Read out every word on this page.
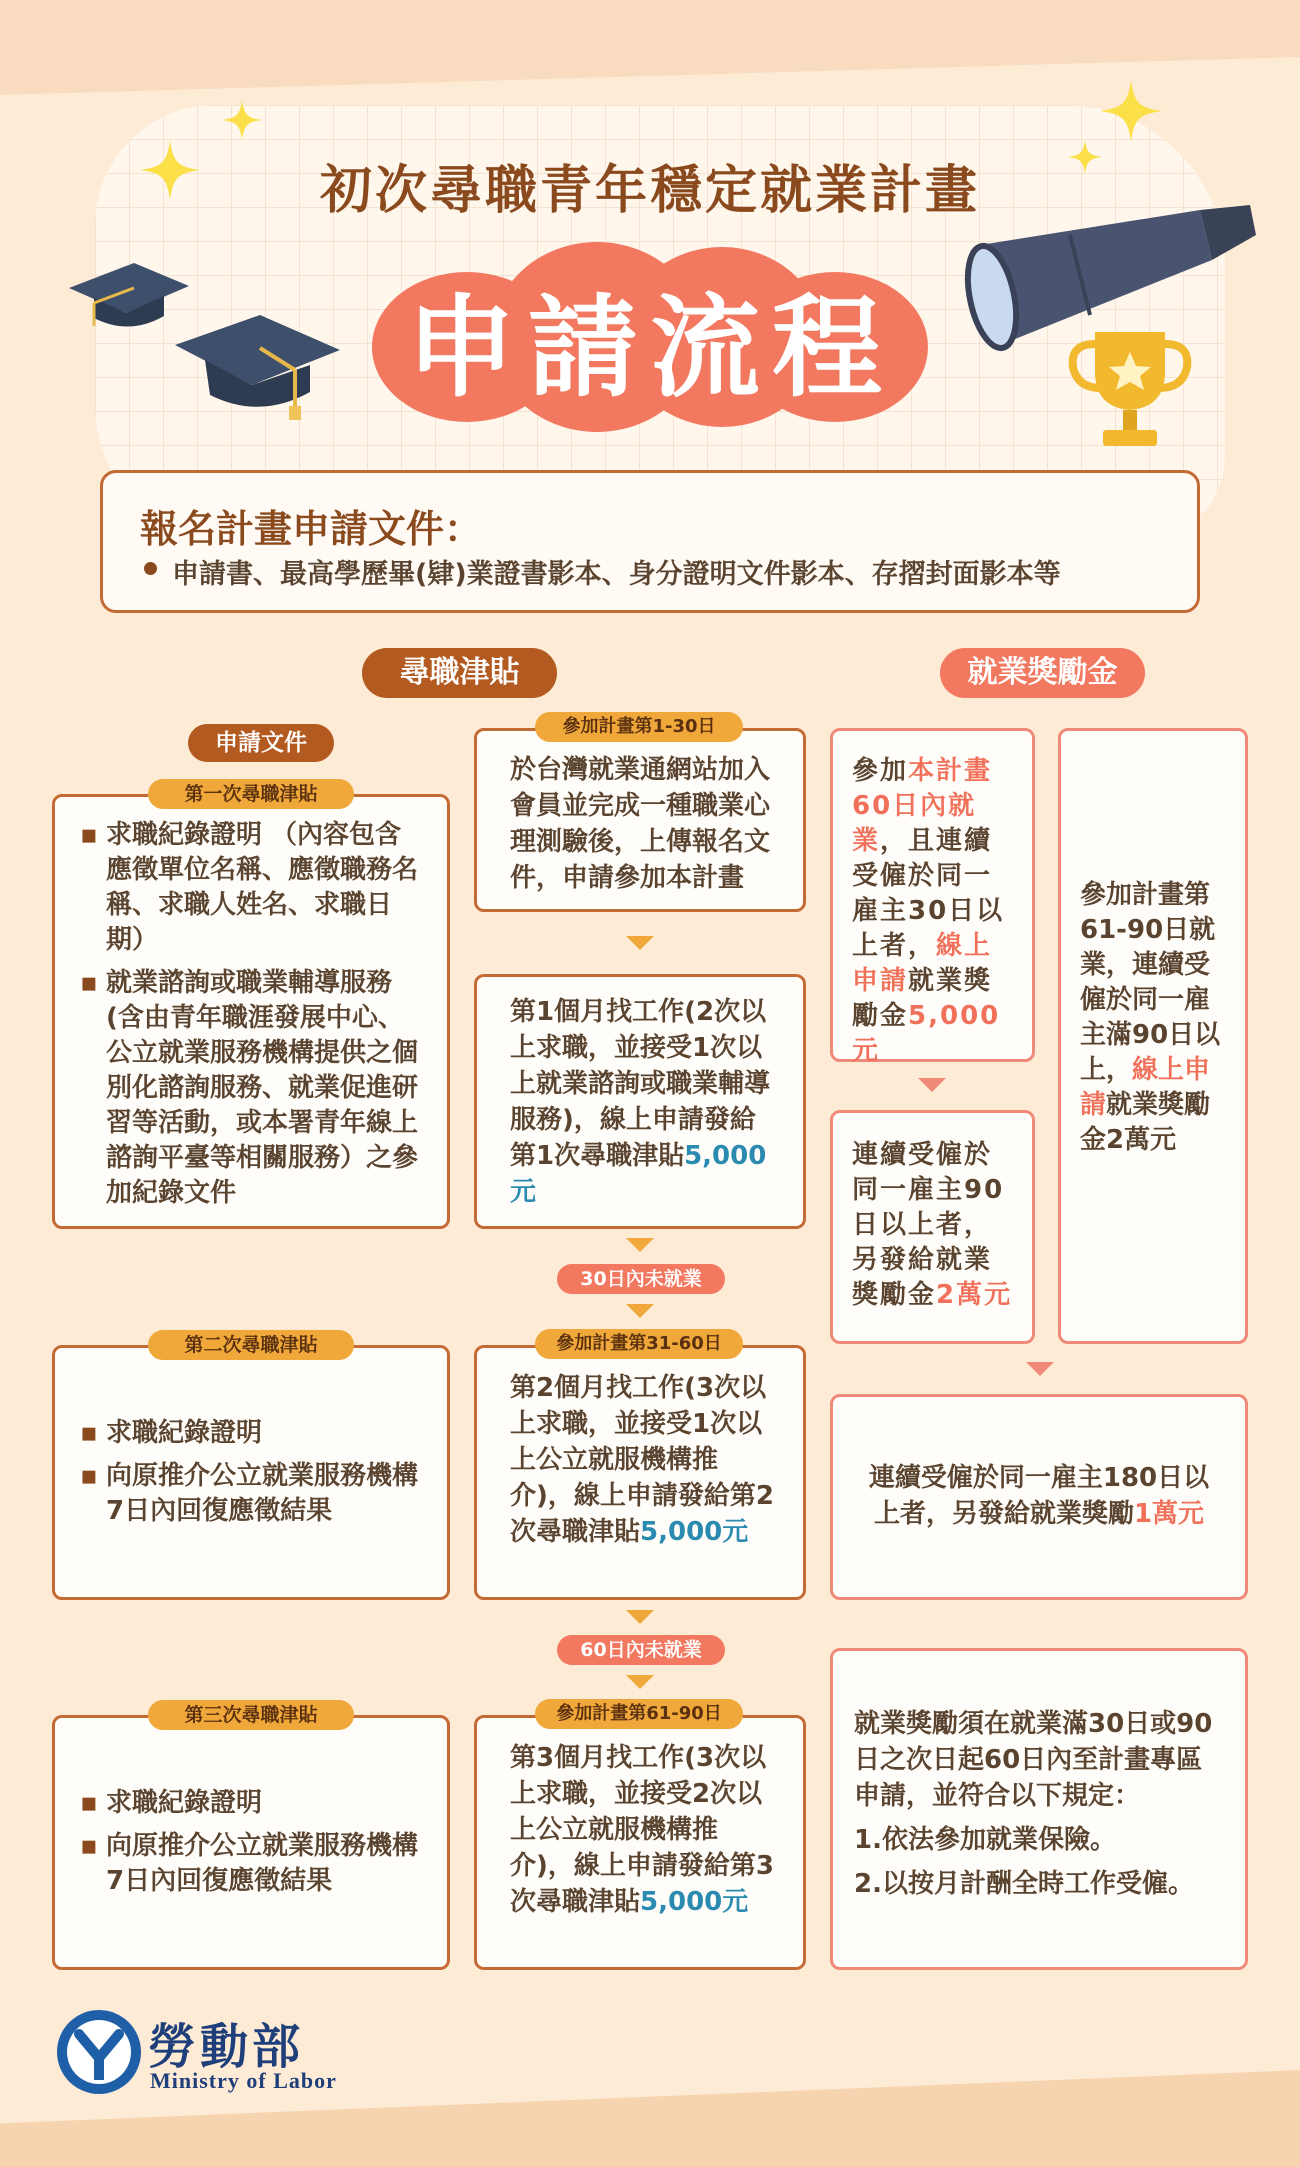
初次尋職青年穩定就業計畫
申請流程
報名計畫申請文件：
申請書、最高學歷畢(肄)業證書影本、身分證明文件影本、存摺封面影本等
尋職津貼	就業獎勵金
申請文件
第一次尋職津貼
▪ 求職紀錄證明 （內容包含應徵單位名稱、應徵職務名稱、求職人姓名、求職日期）
▪ 就業諮詢或職業輔導服務(含由青年職涯發展中心、公立就業服務機構提供之個別化諮詢服務、就業促進研習等活動，或本署青年線上諮詢平臺等相關服務）之參加紀錄文件
第二次尋職津貼
▪ 求職紀錄證明
▪ 向原推介公立就業服務機構7日內回復應徵結果
第三次尋職津貼
▪ 求職紀錄證明
▪ 向原推介公立就業服務機構7日內回復應徵結果
參加計畫第1-30日
於台灣就業通網站加入會員並完成一種職業心理測驗後，上傳報名文件，申請參加本計畫
第1個月找工作(2次以上求職，並接受1次以上就業諮詢或職業輔導服務)，線上申請發給第1次尋職津貼5,000元
30日內未就業
參加計畫第31-60日
第2個月找工作(3次以上求職，並接受1次以上公立就服機構推介)，線上申請發給第2次尋職津貼5,000元
60日內未就業
參加計畫第61-90日
第3個月找工作(3次以上求職，並接受2次以上公立就服機構推介)，線上申請發給第3次尋職津貼5,000元
參加本計畫60日內就業，且連續受僱於同一雇主30日以上者，線上申請就業獎勵金5,000元
連續受僱於同一雇主90日以上者，另發給就業獎勵金2萬元
參加計畫第61-90日就業，連續受僱於同一雇主滿90日以上，線上申請就業獎勵金2萬元
連續受僱於同一雇主180日以上者，另發給就業獎勵1萬元
就業獎勵須在就業滿30日或90日之次日起60日內至計畫專區申請，並符合以下規定：
1.依法參加就業保險。
2.以按月計酬全時工作受僱。
勞動部
Ministry of Labor
